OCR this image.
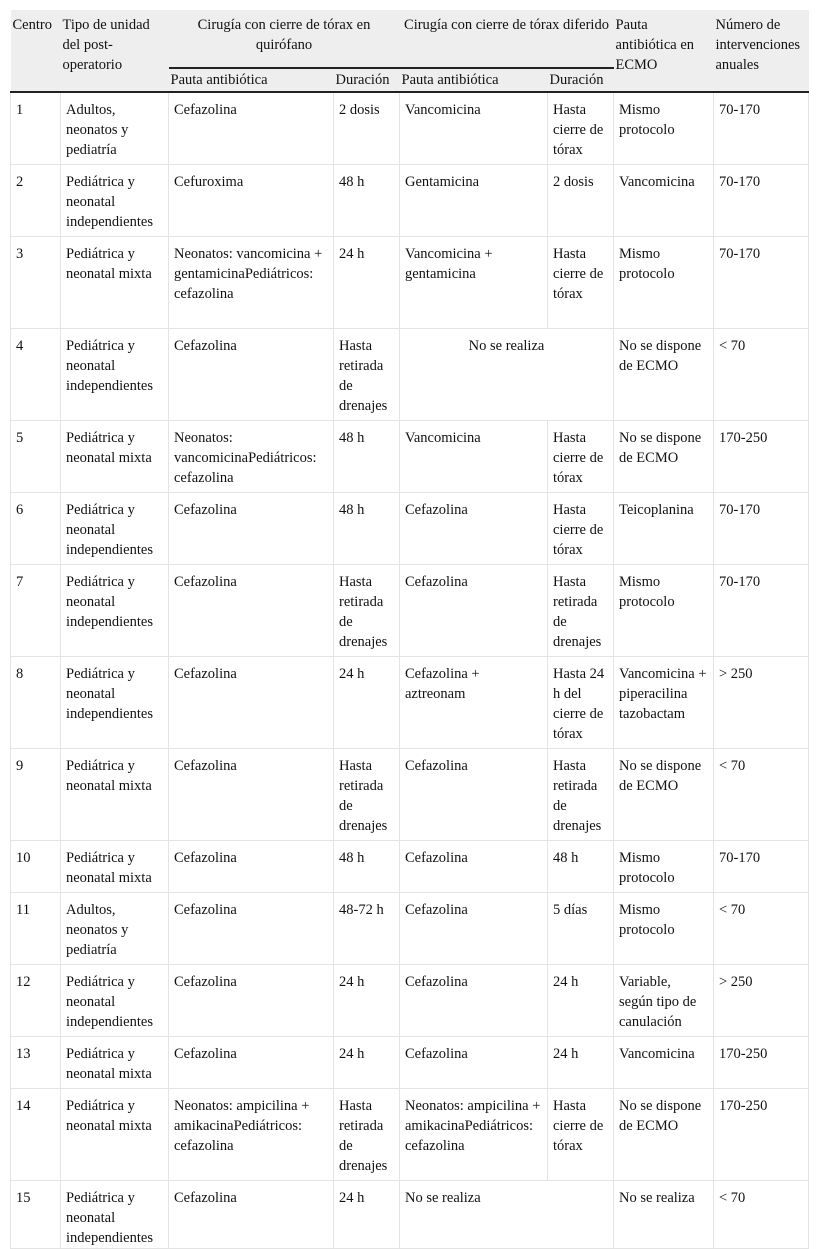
Centro	Tipo de unidad del post-operatorio	Cirugía con cierre de tórax en quirófano		Cirugía con cierre de tórax diferido		Pauta antibiótica en ECMO	Número de intervenciones anuales
		Pauta antibiótica	Duración	Pauta antibiótica	Duración		
1	Adultos, neonatos y pediatría	Cefazolina	2 dosis	Vancomicina	Hasta cierre de tórax	Mismo protocolo	70-170
2	Pediátrica y neonatal independientes	Cefuroxima	48 h	Gentamicina	2 dosis	Vancomicina	70-170
3	Pediátrica y neonatal mixta	Neonatos: vancomicina + gentamicinaPediátricos: cefazolina	24 h	Vancomicina + gentamicina	Hasta cierre de tórax	Mismo protocolo	70-170
4	Pediátrica y neonatal independientes	Cefazolina	Hasta retirada de drenajes	No se realiza		No se dispone de ECMO	< 70
5	Pediátrica y neonatal mixta	Neonatos: vancomicinaPediátricos: cefazolina	48 h	Vancomicina	Hasta cierre de tórax	No se dispone de ECMO	170-250
6	Pediátrica y neonatal independientes	Cefazolina	48 h	Cefazolina	Hasta cierre de tórax	Teicoplanina	70-170
7	Pediátrica y neonatal independientes	Cefazolina	Hasta retirada de drenajes	Cefazolina	Hasta retirada de drenajes	Mismo protocolo	70-170
8	Pediátrica y neonatal independientes	Cefazolina	24 h	Cefazolina + aztreonam	Hasta 24 h del cierre de tórax	Vancomicina + piperacilina tazobactam	> 250
9	Pediátrica y neonatal mixta	Cefazolina	Hasta retirada de drenajes	Cefazolina	Hasta retirada de drenajes	No se dispone de ECMO	< 70
10	Pediátrica y neonatal mixta	Cefazolina	48 h	Cefazolina	48 h	Mismo protocolo	70-170
11	Adultos, neonatos y pediatría	Cefazolina	48-72 h	Cefazolina	5 días	Mismo protocolo	< 70
12	Pediátrica y neonatal independientes	Cefazolina	24 h	Cefazolina	24 h	Variable, según tipo de canulación	> 250
13	Pediátrica y neonatal mixta	Cefazolina	24 h	Cefazolina	24 h	Vancomicina	170-250
14	Pediátrica y neonatal mixta	Neonatos: ampicilina + amikacinaPediátricos: cefazolina	Hasta retirada de drenajes	Neonatos: ampicilina + amikacinaPediátricos: cefazolina	Hasta cierre de tórax	No se dispone de ECMO	170-250
15	Pediátrica y neonatal independientes	Cefazolina	24 h	No se realiza		No se realiza	< 70
